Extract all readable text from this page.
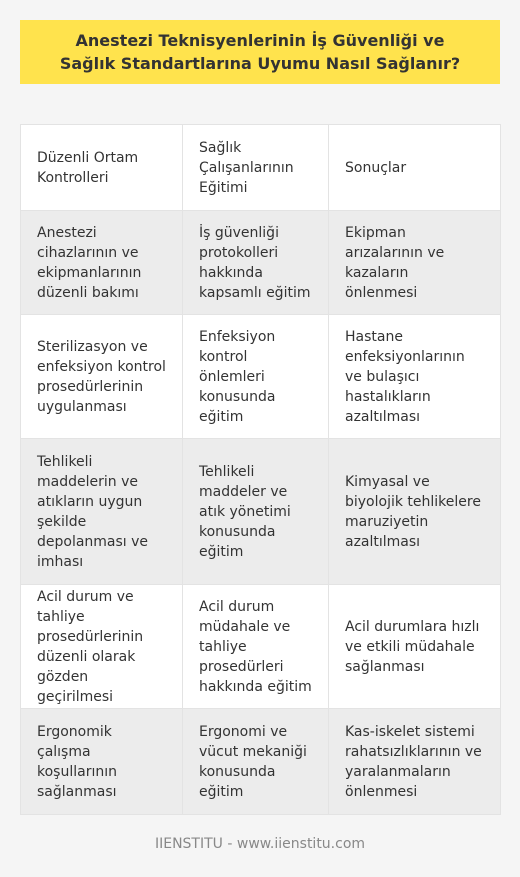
Anestezi Teknisyenlerinin İş Güvenliği ve Sağlık Standartlarına Uyumu Nasıl Sağlanır?
Düzenli Ortam Kontrolleri	Sağlık Çalışanlarının Eğitimi	Sonuçlar
Anestezi cihazlarının ve ekipmanlarının düzenli bakımı	İş güvenliği protokolleri hakkında kapsamlı eğitim	Ekipman arızalarının ve kazaların önlenmesi
Sterilizasyon ve enfeksiyon kontrol prosedürlerinin uygulanması	Enfeksiyon kontrol önlemleri konusunda eğitim	Hastane enfeksiyonlarının ve bulaşıcı hastalıkların azaltılması
Tehlikeli maddelerin ve atıkların uygun şekilde depolanması ve imhası	Tehlikeli maddeler ve atık yönetimi konusunda eğitim	Kimyasal ve biyolojik tehlikelere maruziyetin azaltılması
Acil durum ve tahliye prosedürlerinin düzenli olarak gözden geçirilmesi	Acil durum müdahale ve tahliye prosedürleri hakkında eğitim	Acil durumlara hızlı ve etkili müdahale sağlanması
Ergonomik çalışma koşullarının sağlanması	Ergonomi ve vücut mekaniği konusunda eğitim	Kas-iskelet sistemi rahatsızlıklarının ve yaralanmaların önlenmesi
IIENSTITU - www.iienstitu.com
